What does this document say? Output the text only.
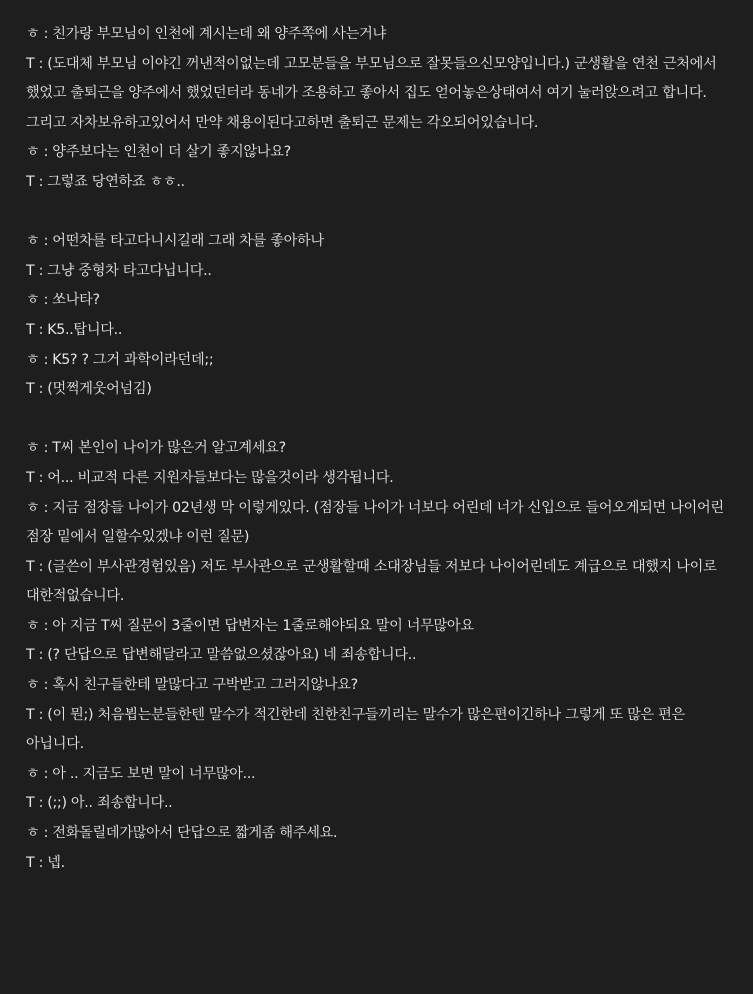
ㅎ : 친가랑 부모님이 인천에 계시는데 왜 양주쪽에 사는거냐
T : (도대체 부모님 이야긴 꺼낸적이없는데 고모분들을 부모님으로 잘못들으신모양입니다.) 군생활을 연천 근처에서 했었고 출퇴근을 양주에서 했었던터라 동네가 조용하고 좋아서 집도 얻어놓은상태여서 여기 눌러앉으려고 합니다.
그리고 자차보유하고있어서 만약 채용이된다고하면 출퇴근 문제는 각오되어있습니다.
ㅎ : 양주보다는 인천이 더 살기 좋지않나요?
T : 그렇죠 당연하죠 ㅎㅎ..
ㅎ : 어떤차를 타고다니시길래 그래 차를 좋아하나
T : 그냥 중형차 타고다닙니다..
ㅎ : 쏘나타?
T : K5..탑니다..
ㅎ : K5? ? 그거 과학이라던데;;
T : (멋쩍게웃어넘김)
ㅎ : T씨 본인이 나이가 많은거 알고계세요?
T : 어... 비교적 다른 지원자들보다는 많을것이라 생각됩니다.
ㅎ : 지금 점장들 나이가 02년생 막 이렇게있다. (점장들 나이가 너보다 어린데 너가 신입으로 들어오게되면 나이어린 점장 밑에서 일할수있겠냐 이런 질문)
T : (글쓴이 부사관경험있음) 저도 부사관으로 군생활할때 소대장님들 저보다 나이어린데도 계급으로 대했지 나이로 대한적없습니다.
ㅎ : 아 지금 T씨 질문이 3줄이면 답변자는 1줄로해야되요 말이 너무많아요
T : (? 단답으로 답변해달라고 말씀없으셨잖아요) 네 죄송합니다..
ㅎ : 혹시 친구들한테 말많다고 구박받고 그러지않나요?
T : (이 뭔;) 처음뵙는분들한텐 말수가 적긴한데 친한친구들끼리는 말수가 많은편이긴하나 그렇게 또 많은 편은 아닙니다.
ㅎ : 아 .. 지금도 보면 말이 너무많아...
T : (;;) 아.. 죄송합니다..
ㅎ : 전화돌릴데가많아서 단답으로 짧게좀 해주세요.
T : 넵.
